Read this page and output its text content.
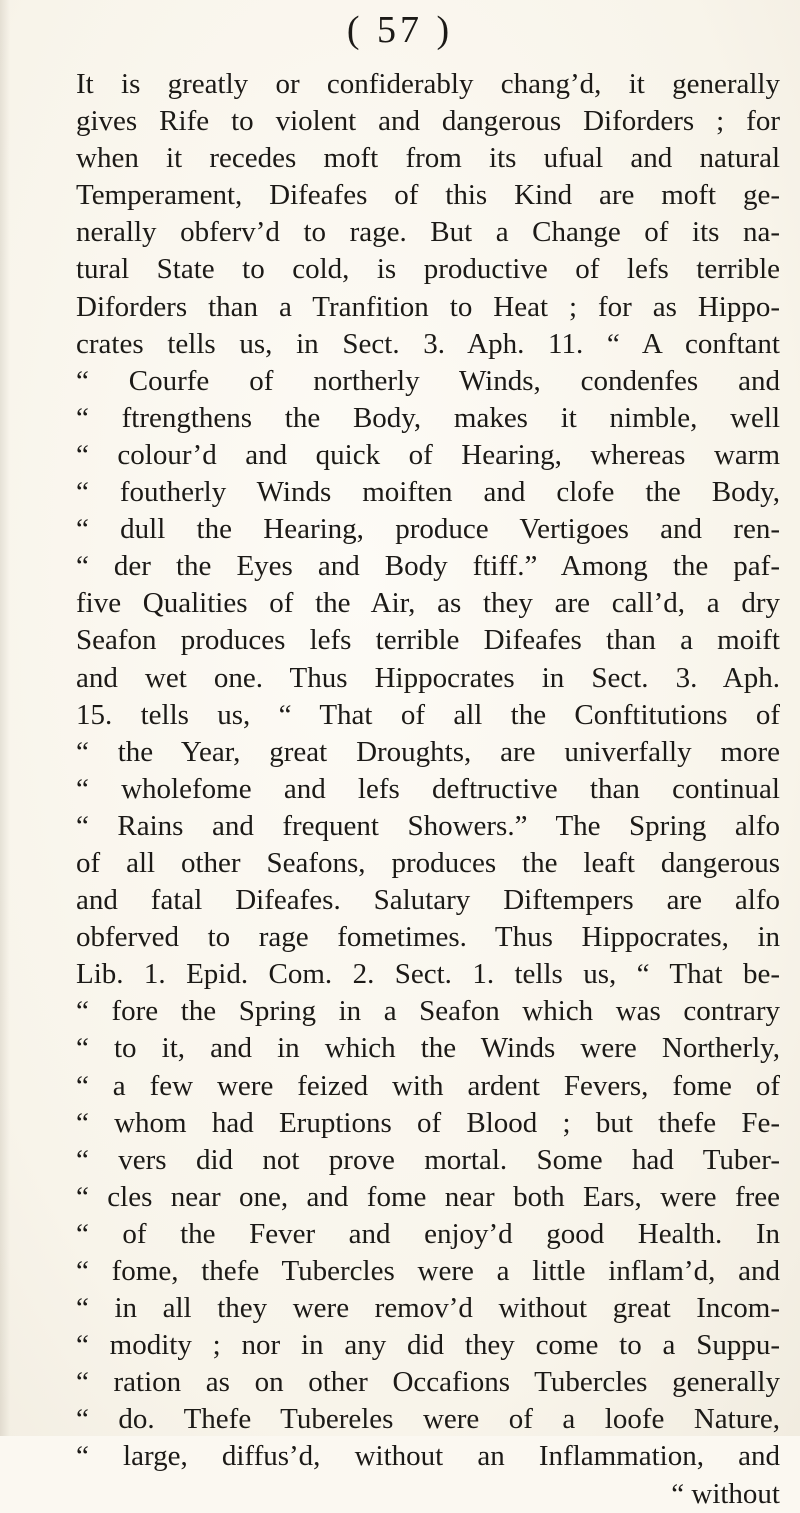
( 57 )
It is greatly or confiderably chang’d, it generally
gives Rife to violent and dangerous Diforders ; for
when it recedes moft from its ufual and natural
Temperament, Difeafes of this Kind are moft ge-
nerally obferv’d to rage. But a Change of its na-
tural State to cold, is productive of lefs terrible
Diforders than a Tranfition to Heat ; for as Hippo-
crates tells us, in Sect. 3. Aph. 11. “ A conftant
“ Courfe of northerly Winds, condenfes and
“ ftrengthens the Body, makes it nimble, well
“ colour’d and quick of Hearing, whereas warm
“ foutherly Winds moiften and clofe the Body,
“ dull the Hearing, produce Vertigoes and ren-
“ der the Eyes and Body ftiff.” Among the paf-
five Qualities of the Air, as they are call’d, a dry
Seafon produces lefs terrible Difeafes than a moift
and wet one. Thus Hippocrates in Sect. 3. Aph.
15. tells us, “ That of all the Conftitutions of
“ the Year, great Droughts, are univerfally more
“ wholefome and lefs deftructive than continual
“ Rains and frequent Showers.” The Spring alfo
of all other Seafons, produces the leaft dangerous
and fatal Difeafes. Salutary Diftempers are alfo
obferved to rage fometimes. Thus Hippocrates, in
Lib. 1. Epid. Com. 2. Sect. 1. tells us, “ That be-
“ fore the Spring in a Seafon which was contrary
“ to it, and in which the Winds were Northerly,
“ a few were feized with ardent Fevers, fome of
“ whom had Eruptions of Blood ; but thefe Fe-
“ vers did not prove mortal. Some had Tuber-
“ cles near one, and fome near both Ears, were free
“ of the Fever and enjoy’d good Health. In
“ fome, thefe Tubercles were a little inflam’d, and
“ in all they were remov’d without great Incom-
“ modity ; nor in any did they come to a Suppu-
“ ration as on other Occafions Tubercles generally
“ do. Thefe Tubereles were of a loofe Nature,
“ large, diffus’d, without an Inflammation, and
“ without
